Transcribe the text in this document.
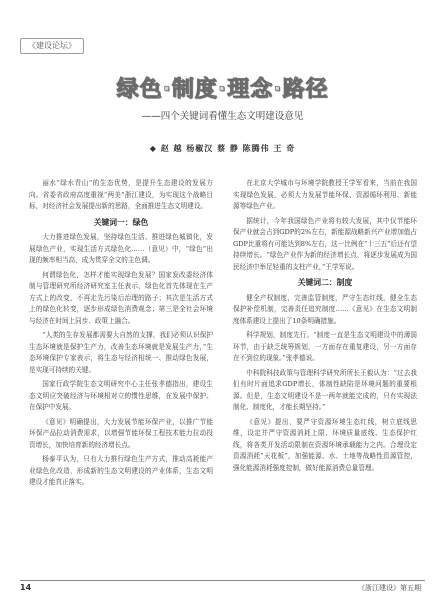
《建设论坛》
绿色·制度·理念·路径
——四个关键词看懂生态文明建设意见
◆ 赵 越 杨椒汉 蔡 静 陈腾伟 王 奇

丽水“绿水青山”的生态优势，是提升生态建设的发展方向。省委省政府高度重视“两美”浙江建设，为实现这个战略目标，对经济社会发展提出新的思路，全面推进生态文明建设。

关键词一：绿色

大力推进绿色发展，坚持绿色生活、推进绿色城镇化，发展绿色产业，实现生活方式绿色化……（意见）中，“绿色”出现的频率相当高，成为贯穿全文的主色调。

何谓绿色化，怎样才能实现绿色发展？国家发改委经济体制与管理研究所经济研究室主任表示，绿色化首先体现在生产方式上的改变，不再走先污染后治理的路子；其次是生活方式上的绿色化转变，逐步形成绿色消费观念；第三是全社会环境与经济在时间上同步、政策上融合。

“人类的生存发展都需要大自然的支撑，我们必须认识保护生态环境就是保护生产力，改善生态环境就是发展生产力，”生态环境保护专家表示，将生态与经济相统一、推动绿色发展，是实现可持续的关键。

国家行政学院生态文明研究中心主任张孝德指出，建设生态文明应突破经济与环境相对立的惯性思维，在发展中保护、在保护中发展。

《意见》明确提出，大力发展节能环保产业，以推广节能环保产品拉动消费需求，以增强节能环保工程技术能力拉动投资增长，加快培育新的经济增长点。

杨泰平认为，只有大力推行绿色生产方式，推动高耗能产业绿色化改造，形成新的生态文明建设的产业体系，生态文明建设才能真正落实。

在北京大学城市与环境学院教授王学军看来，当前在我国实现绿色发展，必须大力发展节能环保、资源循环利用、新能源等绿色产业。

据统计，今年我国绿色产业将有较大发展，其中仅节能环保产业就会占到GDP的2%左右，新能源战略新兴产业增加值占GDP比重将有可能达到8%左右，这一比例在“十三五”后还有望持续增长。“绿色产业作为新的经济增长点，将逐步发展成为国民经济中举足轻重的支柱产业，”王学军说。

关键词二：制度

健全产权制度，完善监管制度，严守生态红线，健全生态保护补偿机制，完善责任追究制度……《意见》在生态文明制度体系建设上提出了10条明确措施。

科学规划，制度先行。“制度一直是生态文明建设中的薄弱环节，由于缺乏统筹规划，一方面存在重复建设，另一方面存在不到位的现象。”张孝德说。

中科院科技政策与管理科学研究所所长王毅认为：“过去我们有时片面追求GDP增长，体制性缺陷是环境问题的重要根源。但是，生态文明建设不是一两年就能完成的，只有实现法制化、制度化，才能长期坚持。”

《意见》提出，要严守资源环境生态红线，树立底线思维，设定并严守资源消耗上限、环境质量底线、生态保护红线，将各类开发活动限制在资源环境承载能力之内。合理设定资源消耗“天花板”，加强能源、水、土地等战略性资源管控，强化能源消耗强度控制，做好能源消费总量管理。

14	《浙江建设》第五期
